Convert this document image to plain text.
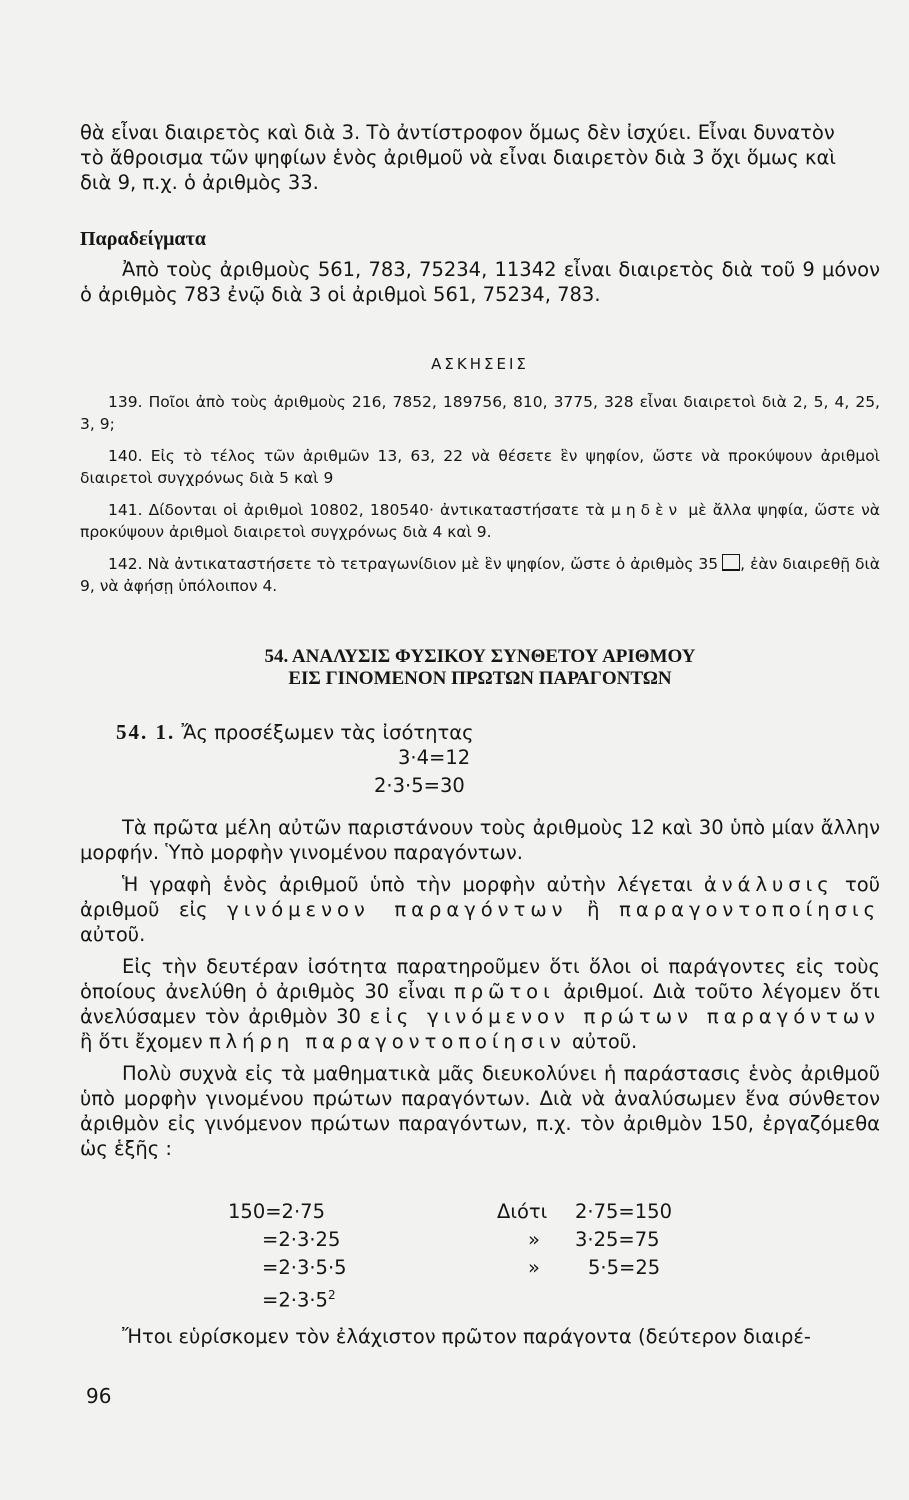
θὰ εἶναι διαιρετὸς καὶ διὰ 3. Τὸ ἀντίστροφον ὅμως δὲν ἰσχύει. Εἶναι δυνατὸν

τὸ ἄθροισμα τῶν ψηφίων ἑνὸς ἀριθμοῦ νὰ εἶναι διαιρετὸν διὰ 3 ὄχι ὅμως καὶ

διὰ 9, π.χ. ὁ ἀριθμὸς 33.

Παραδείγματα

Ἀπὸ τοὺς ἀριθμοὺς 561, 783, 75234, 11342 εἶναι διαιρετὸς διὰ τοῦ 9 μόνον ὁ ἀριθμὸς 783 ἐνῷ διὰ 3 οἱ ἀριθμοὶ 561, 75234, 783.

ΑΣΚΗΣΕΙΣ

139. Ποῖοι ἀπὸ τοὺς ἀριθμοὺς 216, 7852, 189756, 810, 3775, 328 εἶναι διαιρετοὶ διὰ 2, 5, 4, 25, 3, 9;

140. Εἰς τὸ τέλος τῶν ἀριθμῶν 13, 63, 22 νὰ θέσετε ἓν ψηφίον, ὥστε νὰ προκύψουν ἀριθμοὶ διαιρετοὶ συγχρόνως διὰ 5 καὶ 9

141. Δίδονται οἱ ἀριθμοὶ 10802, 180540· ἀντικαταστήσατε τὰ μηδὲν μὲ ἄλλα ψηφία, ὥστε νὰ προκύψουν ἀριθμοὶ διαιρετοὶ συγχρόνως διὰ 4 καὶ 9.

142. Νὰ ἀντικαταστήσετε τὸ τετραγωνίδιον μὲ ἓν ψηφίον, ὥστε ὁ ἀριθμὸς 35 , ἐὰν διαιρεθῇ διὰ 9, νὰ ἀφήσῃ ὑπόλοιπον 4.

54. ΑΝΑΛΥΣΙΣ ΦΥΣΙΚΟΥ ΣΥΝΘΕΤΟΥ ΑΡΙΘΜΟΥ

ΕΙΣ ΓΙΝΟΜΕΝΟΝ ΠΡΩΤΩΝ ΠΑΡΑΓΟΝΤΩΝ

54. 1. Ἄς προσέξωμεν τὰς ἰσότητας

3·4=12
2·3·5=30

Τὰ πρῶτα μέλη αὐτῶν παριστάνουν τοὺς ἀριθμοὺς 12 καὶ 30 ὑπὸ μίαν ἄλλην μορφήν. Ὑπὸ μορφὴν γινομένου παραγόντων.

Ἡ γραφὴ ἑνὸς ἀριθμοῦ ὑπὸ τὴν μορφὴν αὐτὴν λέγεται ἀνάλυσις τοῦ ἀριθμοῦ εἰς γινόμενον παραγόντων ἢ παραγοντοποίησις αὐτοῦ.

Εἰς τὴν δευτέραν ἰσότητα παρατηροῦμεν ὅτι ὅλοι οἱ παράγοντες εἰς τοὺς ὁποίους ἀνελύθη ὁ ἀριθμὸς 30 εἶναι πρῶτοι ἀριθμοί. Διὰ τοῦτο λέγομεν ὅτι ἀνελύσαμεν τὸν ἀριθμὸν 30 εἰς γινόμενον πρώτων παραγόντων ἢ ὅτι ἔχομεν πλήρη παραγοντοποίησιν αὐτοῦ.

Πολὺ συχνὰ εἰς τὰ μαθηματικὰ μᾶς διευκολύνει ἡ παράστασις ἑνὸς ἀριθμοῦ ὑπὸ μορφὴν γινομένου πρώτων παραγόντων. Διὰ νὰ ἀναλύσωμεν ἕνα σύνθετον ἀριθμὸν εἰς γινόμενον πρώτων παραγόντων, π.χ. τὸν ἀριθμὸν 150, ἐργαζόμεθα ὡς ἑξῆς :

150=2·75
=2·3·25
=2·3·5·5
$=2\cdot 3\cdot 5^2$
Διότι
»
»
2·75=150
3·25=75
5·5=25

Ἤτοι εὑρίσκομεν τὸν ἐλάχιστον πρῶτον παράγοντα (δεύτερον διαιρέ-

96
